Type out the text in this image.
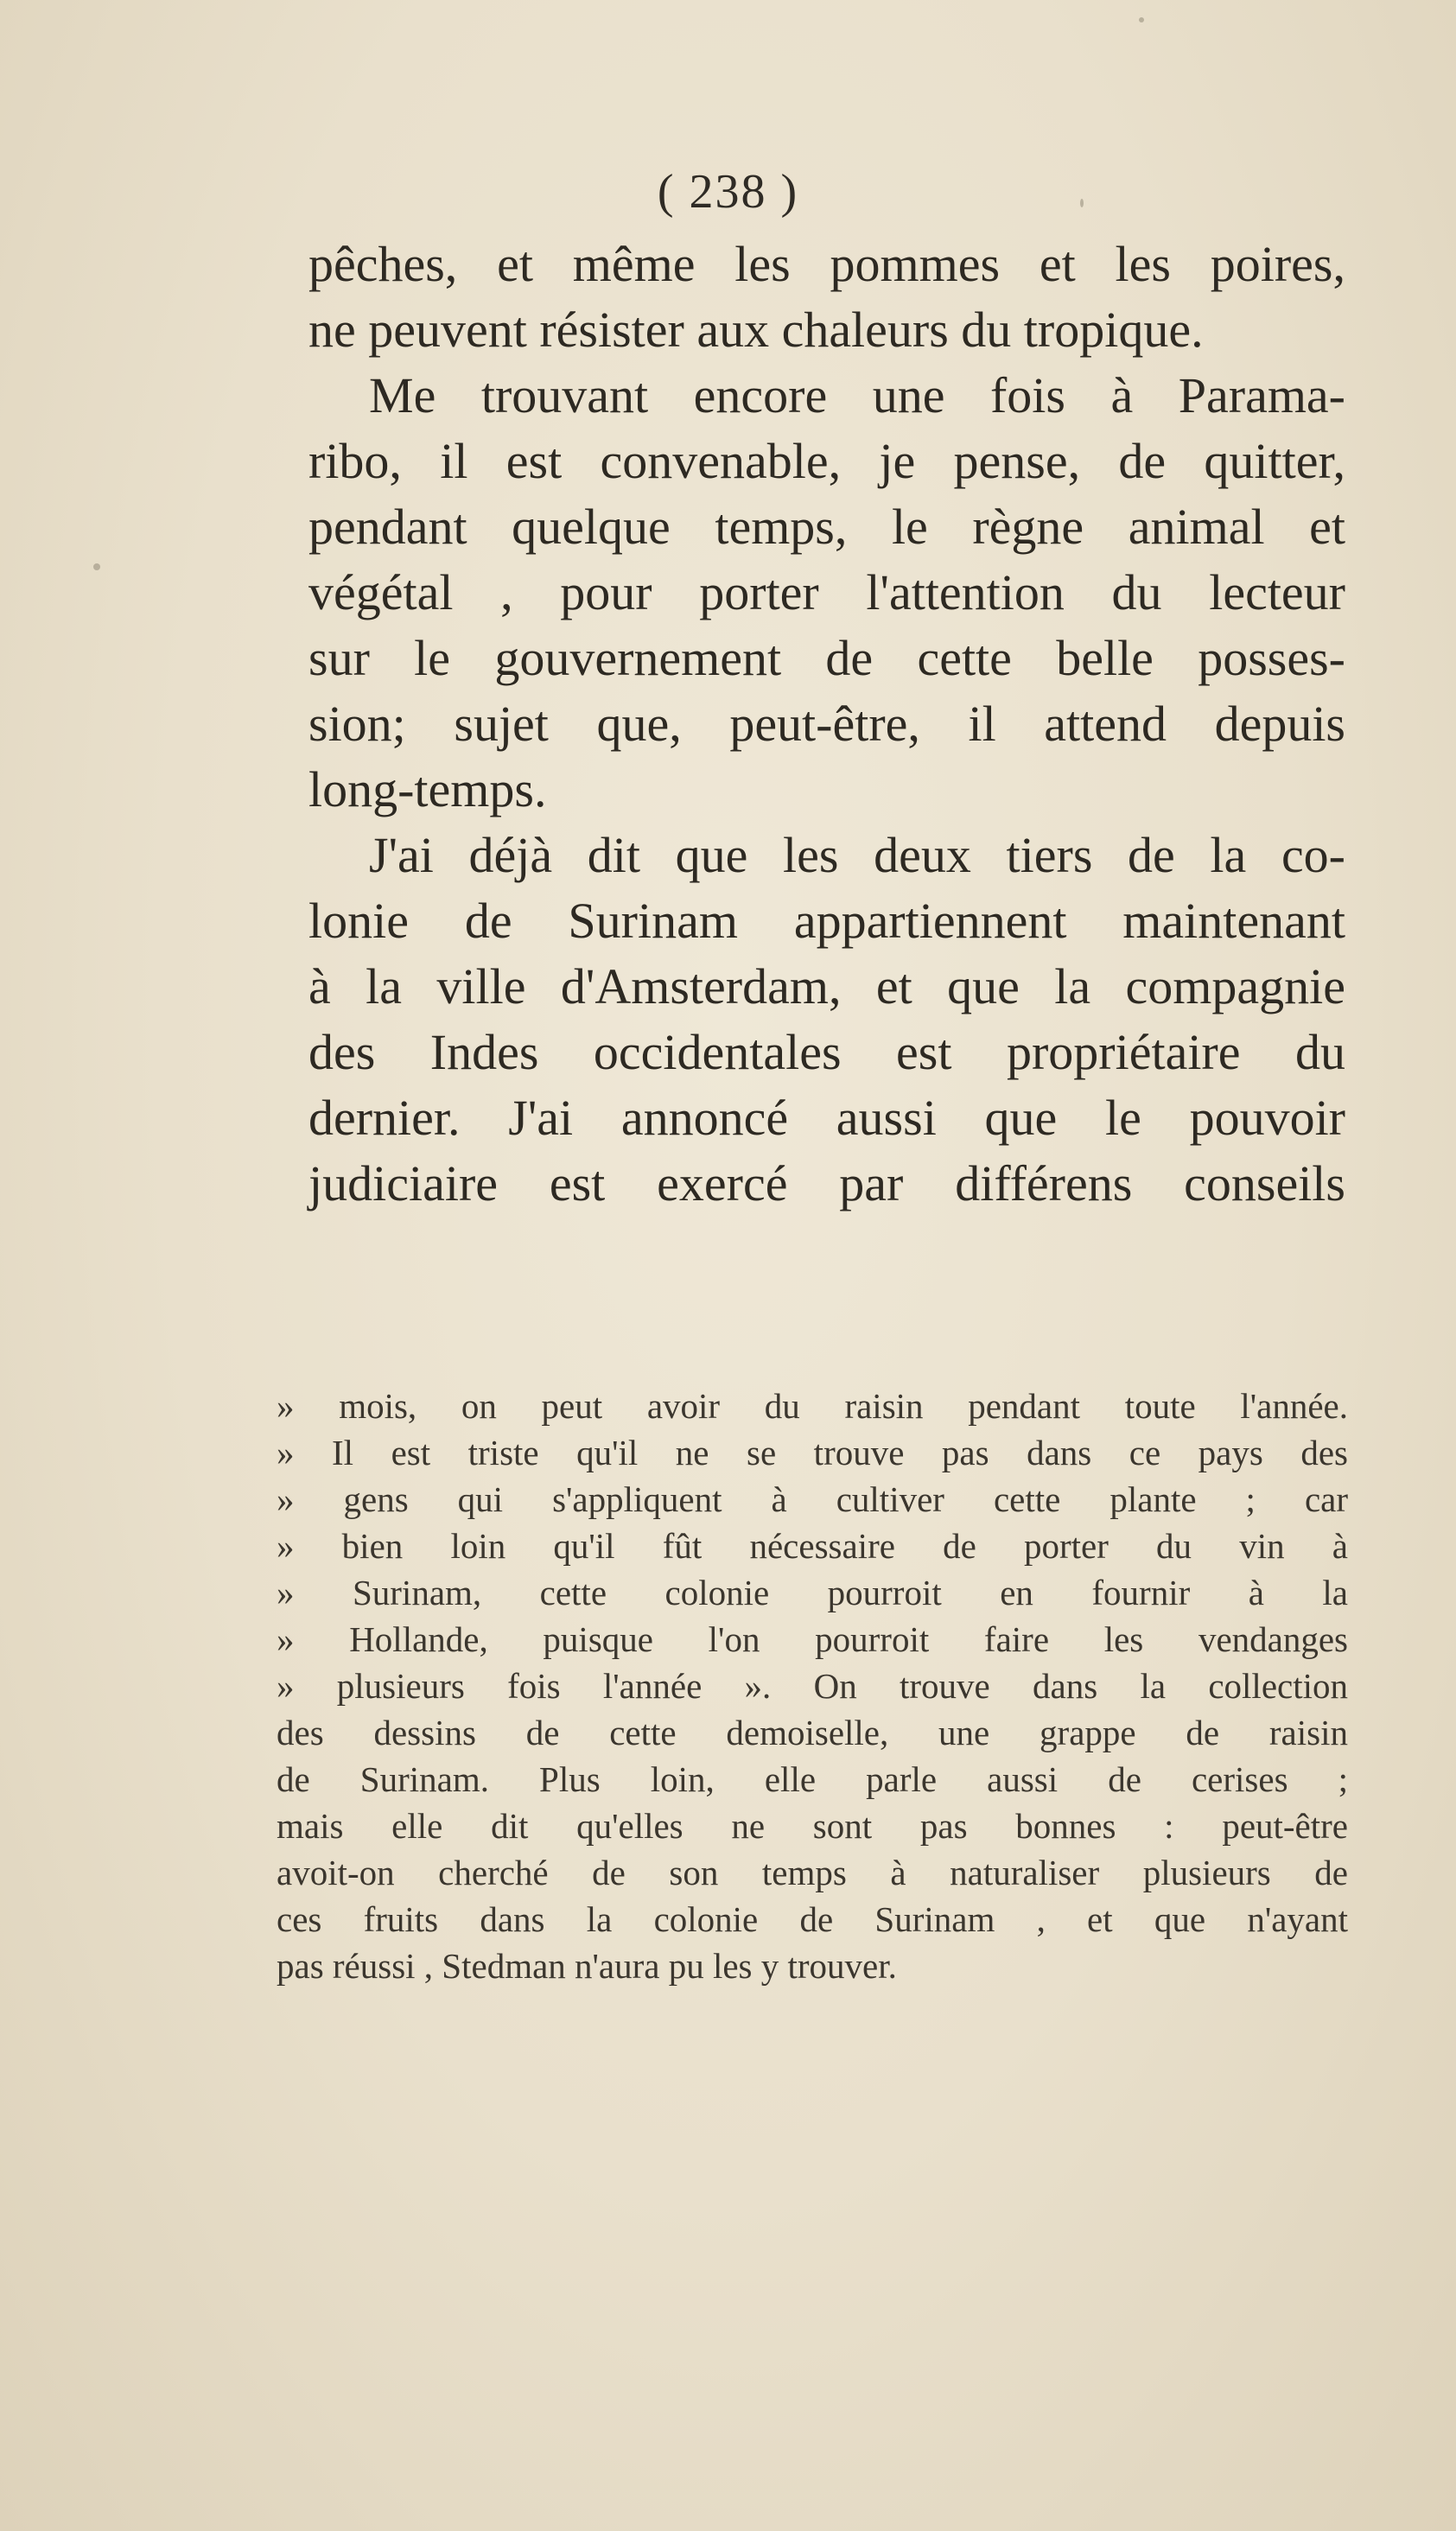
( 238 )

pêches, et même les pommes et les poires,
ne peuvent résister aux chaleurs du tropique.

Me trouvant encore une fois à Parama-
ribo, il est convenable, je pense, de quitter,
pendant quelque temps, le règne animal et
végétal , pour porter l'attention du lecteur
sur le gouvernement de cette belle posses-
sion; sujet que, peut-être, il attend depuis
long-temps.

J'ai déjà dit que les deux tiers de la co-
lonie de Surinam appartiennent maintenant
à la ville d'Amsterdam, et que la compagnie
des Indes occidentales est propriétaire du
dernier. J'ai annoncé aussi que le pouvoir
judiciaire est exercé par différens conseils

» mois, on peut avoir du raisin pendant toute l'année.
» Il est triste qu'il ne se trouve pas dans ce pays des
» gens qui s'appliquent à cultiver cette plante ; car
» bien loin qu'il fût nécessaire de porter du vin à
» Surinam, cette colonie pourroit en fournir à la
» Hollande, puisque l'on pourroit faire les vendanges
» plusieurs fois l'année ». On trouve dans la collection
des dessins de cette demoiselle, une grappe de raisin
de Surinam. Plus loin, elle parle aussi de cerises ;
mais elle dit qu'elles ne sont pas bonnes : peut-être
avoit-on cherché de son temps à naturaliser plusieurs de
ces fruits dans la colonie de Surinam , et que n'ayant
pas réussi , Stedman n'aura pu les y trouver.
